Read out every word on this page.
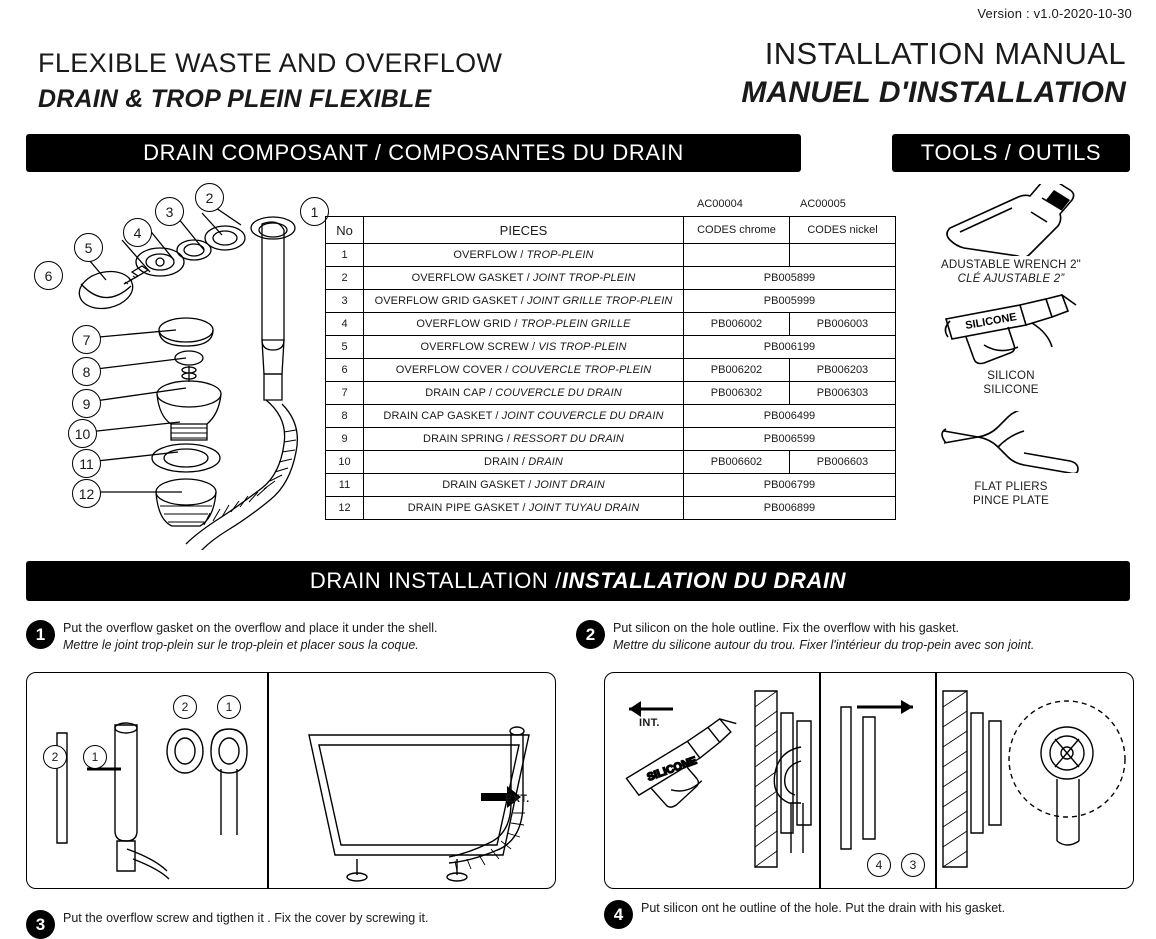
Version : v1.0-2020-10-30
FLEXIBLE WASTE AND OVERFLOW
DRAIN & TROP PLEIN FLEXIBLE
INSTALLATION MANUAL
MANUEL D'INSTALLATION
DRAIN COMPOSANT / COMPOSANTES DU DRAIN	TOOLS / OUTILS
DRAIN INSTALLATION / INSTALLATION DU DRAIN
1
2
3
4
5
6
7
8
9
10
11
12
AC00004	AC00005
No	PIECES	CODES chrome	CODES nickel
1	OVERFLOW / TROP-PLEIN		
2	OVERFLOW GASKET / JOINT TROP-PLEIN	PB005899	
3	OVERFLOW GRID GASKET / JOINT GRILLE TROP-PLEIN	PB005999	
4	OVERFLOW GRID / TROP-PLEIN GRILLE	PB006002	PB006003
5	OVERFLOW SCREW / VIS TROP-PLEIN	PB006199	
6	OVERFLOW COVER / COUVERCLE TROP-PLEIN	PB006202	PB006203
7	DRAIN CAP / COUVERCLE DU DRAIN	PB006302	PB006303
8	DRAIN CAP GASKET / JOINT COUVERCLE DU DRAIN	PB006499	
9	DRAIN SPRING / RESSORT DU DRAIN	PB006599	
10	DRAIN / DRAIN	PB006602	PB006603
11	DRAIN GASKET / JOINT DRAIN	PB006799	
12	DRAIN PIPE GASKET / JOINT TUYAU DRAIN	PB006899	
ADUSTABLE WRENCH 2"
CLÉ AJUSTABLE 2”
SILICONE
SILICON
SILICONE
FLAT PLIERS
PINCE PLATE
1	Put the overflow gasket on the overflow and place it under the shell.
Mettre le joint trop-plein sur le trop-plein et placer sous la coque.
2	1
2	1
EXT.
2	Put silicon on the hole outline. Fix the overflow with his gasket.
Mettre du silicone autour du trou. Fixer l'intérieur du trop-pein avec son joint.
SILICONE
4	3
INT.
3	Put the overflow screw and tigthen it . Fix the cover by screwing it.	4	Put silicon ont he outline of the hole. Put the drain with his gasket.
